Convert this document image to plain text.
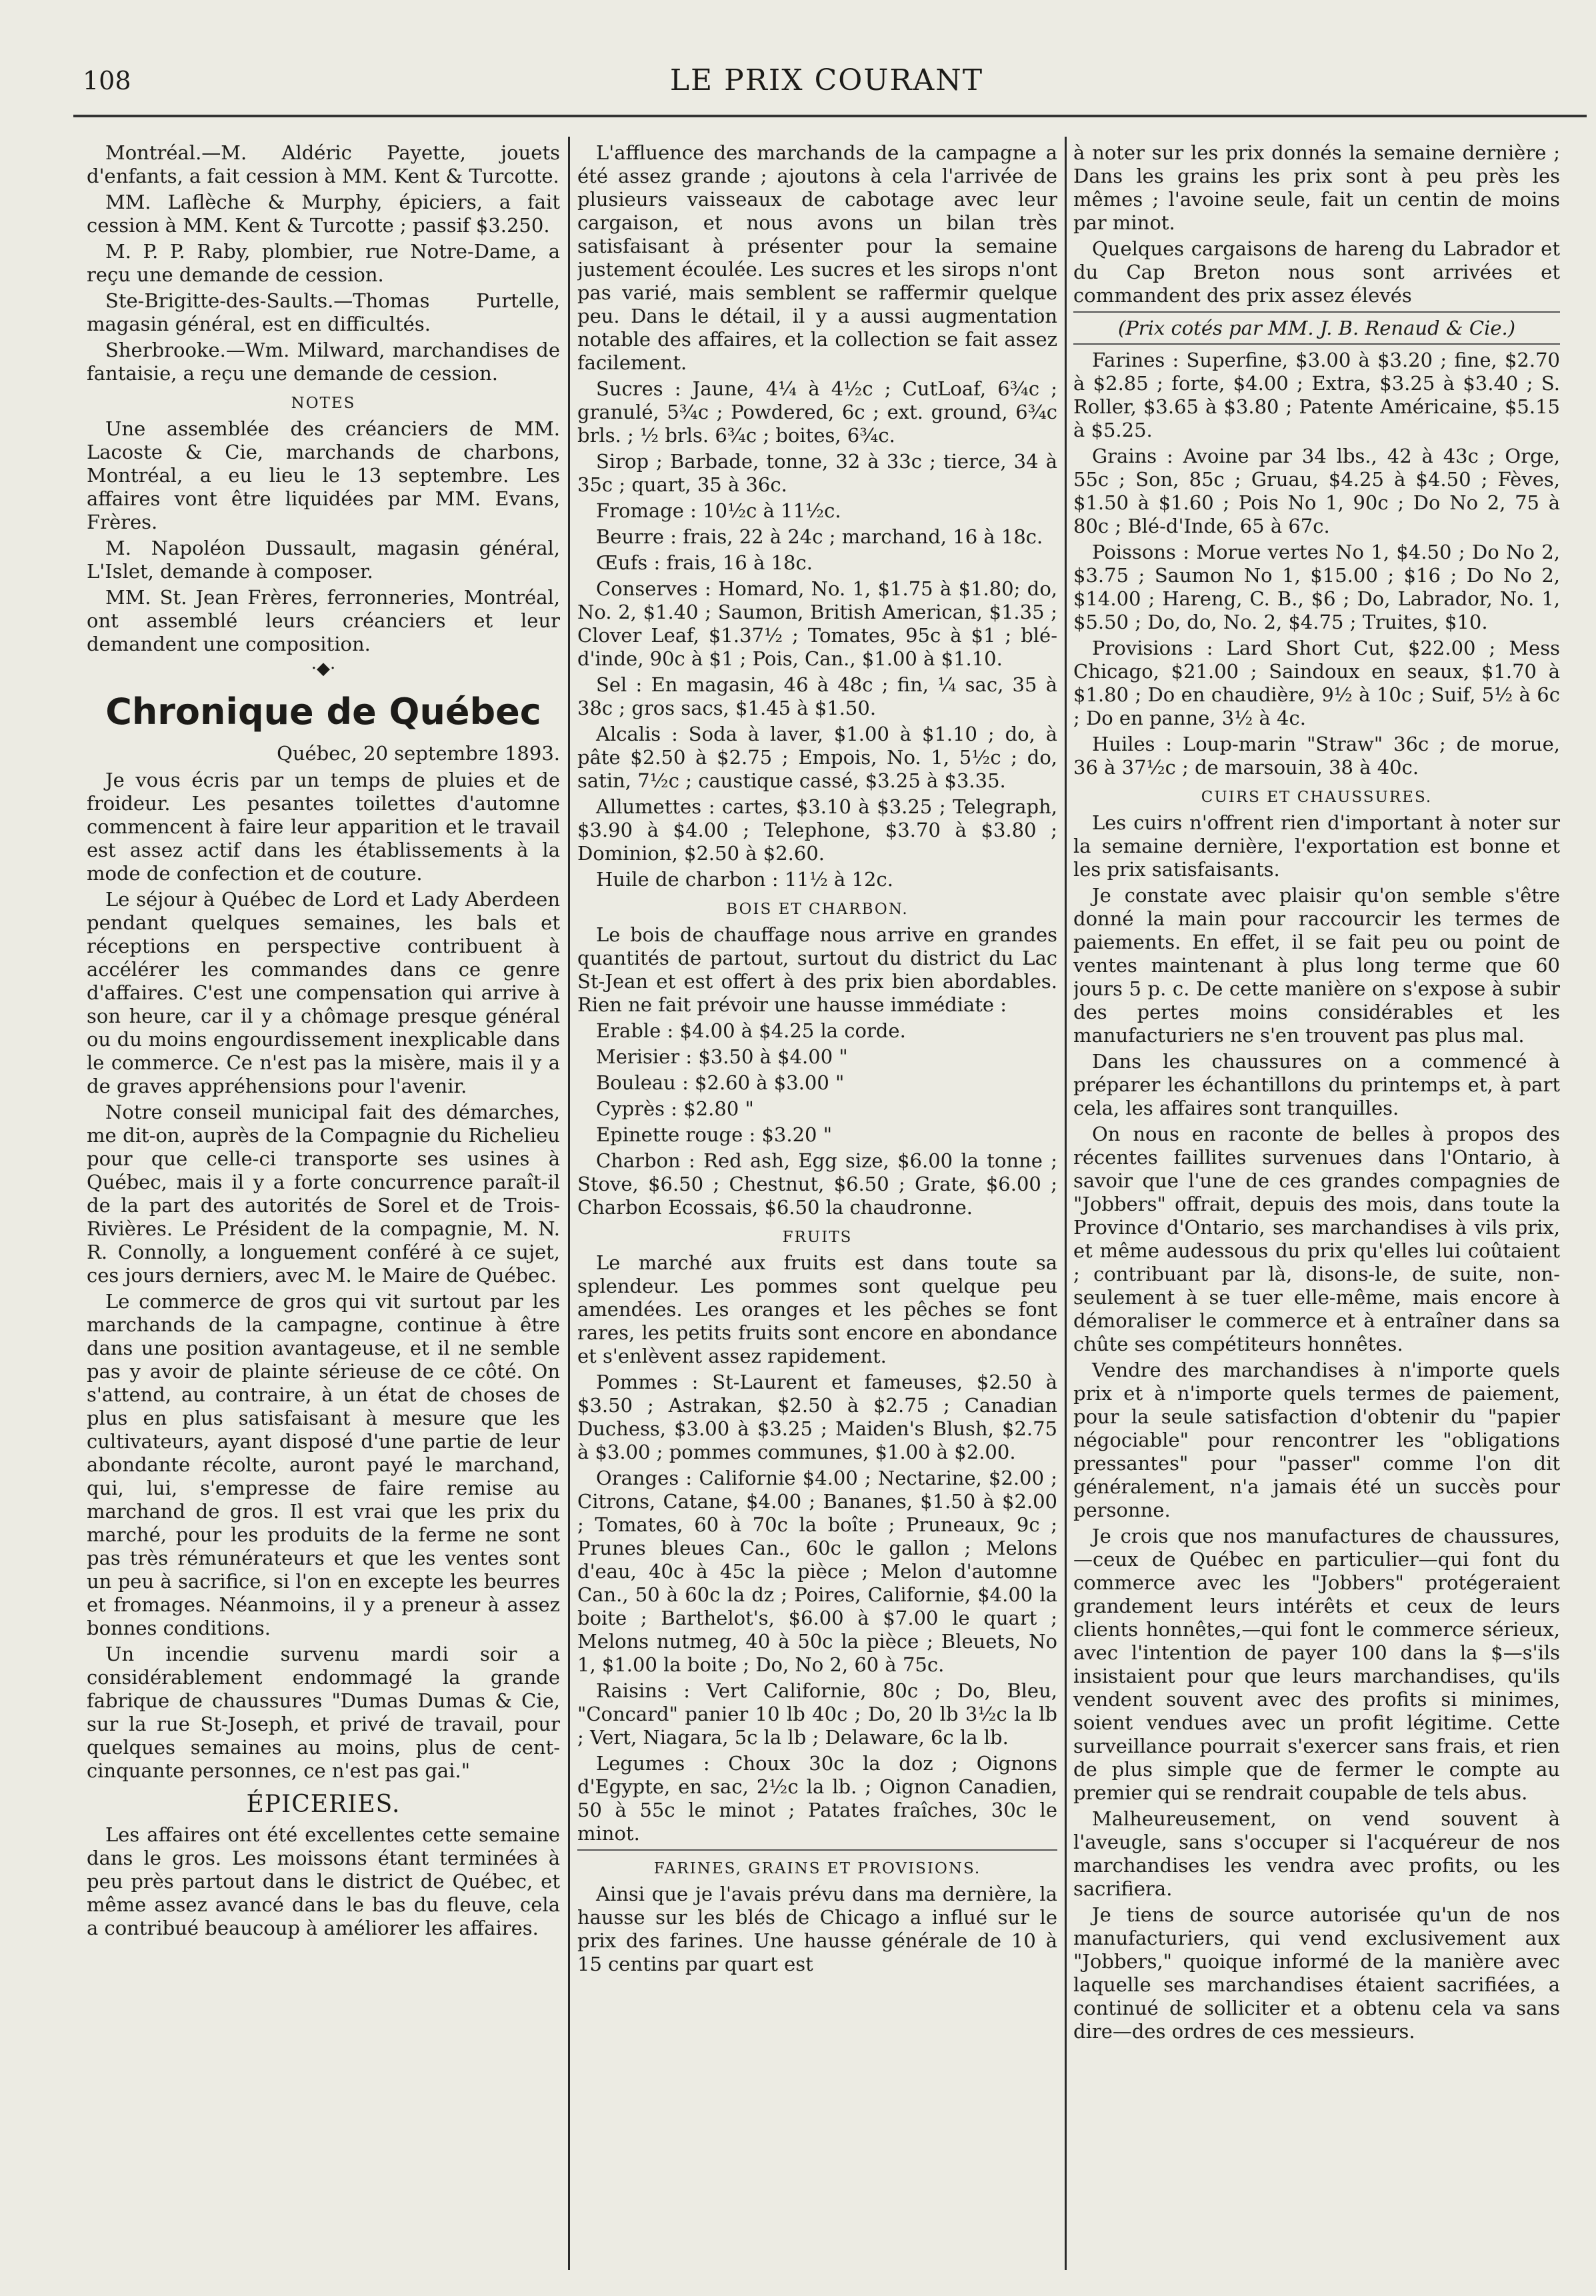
108	LE PRIX COURANT

Montréal.—M. Aldéric Payette, jouets d'enfants, a fait cession à MM. Kent & Turcotte.

MM. Laflèche & Murphy, épiciers, a fait cession à MM. Kent & Turcotte ; passif $3.250.

M. P. P. Raby, plombier, rue Notre-Dame, a reçu une demande de cession.

Ste-Brigitte-des-Saults.—Thomas Purtelle, magasin général, est en difficultés.

Sherbrooke.—Wm. Milward, marchandises de fantaisie, a reçu une demande de cession.

NOTES

Une assemblée des créanciers de MM. Lacoste & Cie, marchands de charbons, Montréal, a eu lieu le 13 septembre. Les affaires vont être liquidées par MM. Evans, Frères.

M. Napoléon Dussault, magasin général, L'Islet, demande à composer.

MM. St. Jean Frères, ferronneries, Montréal, ont assemblé leurs créanciers et leur demandent une composition.

·◆·
Chronique de Québec
Québec, 20 septembre 1893.

Je vous écris par un temps de pluies et de froideur. Les pesantes toilettes d'automne commencent à faire leur apparition et le travail est assez actif dans les établissements à la mode de confection et de couture.

Le séjour à Québec de Lord et Lady Aberdeen pendant quelques semaines, les bals et réceptions en perspective contribuent à accélérer les commandes dans ce genre d'affaires. C'est une compensation qui arrive à son heure, car il y a chômage presque général ou du moins engourdissement inexplicable dans le commerce. Ce n'est pas la misère, mais il y a de graves appréhensions pour l'avenir.

Notre conseil municipal fait des démarches, me dit-on, auprès de la Compagnie du Richelieu pour que celle-ci transporte ses usines à Québec, mais il y a forte concurrence paraît-il de la part des autorités de Sorel et de Trois-Rivières. Le Président de la compagnie, M. N. R. Connolly, a longuement conféré à ce sujet, ces jours derniers, avec M. le Maire de Québec.

Le commerce de gros qui vit surtout par les marchands de la campagne, continue à être dans une position avantageuse, et il ne semble pas y avoir de plainte sérieuse de ce côté. On s'attend, au contraire, à un état de choses de plus en plus satisfaisant à mesure que les cultivateurs, ayant disposé d'une partie de leur abondante récolte, auront payé le marchand, qui, lui, s'empresse de faire remise au marchand de gros. Il est vrai que les prix du marché, pour les produits de la ferme ne sont pas très rémunérateurs et que les ventes sont un peu à sacrifice, si l'on en excepte les beurres et fromages. Néanmoins, il y a preneur à assez bonnes conditions.

Un incendie survenu mardi soir a considérablement endommagé la grande fabrique de chaussures "Dumas Dumas & Cie, sur la rue St-Joseph, et privé de travail, pour quelques semaines au moins, plus de cent-cinquante personnes, ce n'est pas gai."

ÉPICERIES.

Les affaires ont été excellentes cette semaine dans le gros. Les moissons étant terminées à peu près partout dans le district de Québec, et même assez avancé dans le bas du fleuve, cela a contribué beaucoup à améliorer les affaires.

L'affluence des marchands de la campagne a été assez grande ; ajoutons à cela l'arrivée de plusieurs vaisseaux de cabotage avec leur cargaison, et nous avons un bilan très satisfaisant à présenter pour la semaine justement écoulée. Les sucres et les sirops n'ont pas varié, mais semblent se raffermir quelque peu. Dans le détail, il y a aussi augmentation notable des affaires, et la collection se fait assez facilement.

Sucres : Jaune, 4¼ à 4½c ; CutLoaf, 6¾c ; granulé, 5¾c ; Powdered, 6c ; ext. ground, 6¾c brls. ; ½ brls. 6¾c ; boites, 6¾c.

Sirop ; Barbade, tonne, 32 à 33c ; tierce, 34 à 35c ; quart, 35 à 36c.

Fromage : 10½c à 11½c.

Beurre : frais, 22 à 24c ; marchand, 16 à 18c.

Œufs : frais, 16 à 18c.

Conserves : Homard, No. 1, $1.75 à $1.80; do, No. 2, $1.40 ; Saumon, British American, $1.35 ; Clover Leaf, $1.37½ ; Tomates, 95c à $1 ; blé-d'inde, 90c à $1 ; Pois, Can., $1.00 à $1.10.

Sel : En magasin, 46 à 48c ; fin, ¼ sac, 35 à 38c ; gros sacs, $1.45 à $1.50.

Alcalis : Soda à laver, $1.00 à $1.10 ; do, à pâte $2.50 à $2.75 ; Empois, No. 1, 5½c ; do, satin, 7½c ; caustique cassé, $3.25 à $3.35.

Allumettes : cartes, $3.10 à $3.25 ; Telegraph, $3.90 à $4.00 ; Telephone, $3.70 à $3.80 ; Dominion, $2.50 à $2.60.

Huile de charbon : 11½ à 12c.

BOIS ET CHARBON.

Le bois de chauffage nous arrive en grandes quantités de partout, surtout du district du Lac St-Jean et est offert à des prix bien abordables. Rien ne fait prévoir une hausse immédiate :

Erable : $4.00 à $4.25 la corde.

Merisier : $3.50 à $4.00 "

Bouleau : $2.60 à $3.00 "

Cyprès : $2.80 "

Epinette rouge : $3.20 "

Charbon : Red ash, Egg size, $6.00 la tonne ; Stove, $6.50 ; Chestnut, $6.50 ; Grate, $6.00 ; Charbon Ecossais, $6.50 la chaudronne.

FRUITS

Le marché aux fruits est dans toute sa splendeur. Les pommes sont quelque peu amendées. Les oranges et les pêches se font rares, les petits fruits sont encore en abondance et s'enlèvent assez rapidement.

Pommes : St-Laurent et fameuses, $2.50 à $3.50 ; Astrakan, $2.50 à $2.75 ; Canadian Duchess, $3.00 à $3.25 ; Maiden's Blush, $2.75 à $3.00 ; pommes communes, $1.00 à $2.00.

Oranges : Californie $4.00 ; Nectarine, $2.00 ; Citrons, Catane, $4.00 ; Bananes, $1.50 à $2.00 ; Tomates, 60 à 70c la boîte ; Pruneaux, 9c ; Prunes bleues Can., 60c le gallon ; Melons d'eau, 40c à 45c la pièce ; Melon d'automne Can., 50 à 60c la dz ; Poires, Californie, $4.00 la boite ; Barthelot's, $6.00 à $7.00 le quart ; Melons nutmeg, 40 à 50c la pièce ; Bleuets, No 1, $1.00 la boite ; Do, No 2, 60 à 75c.

Raisins : Vert Californie, 80c ; Do, Bleu, "Concard" panier 10 lb 40c ; Do, 20 lb 3½c la lb ; Vert, Niagara, 5c la lb ; Delaware, 6c la lb.

Legumes : Choux 30c la doz ; Oignons d'Egypte, en sac, 2½c la lb. ; Oignon Canadien, 50 à 55c le minot ; Patates fraîches, 30c le minot.

FARINES, GRAINS ET PROVISIONS.

Ainsi que je l'avais prévu dans ma dernière, la hausse sur les blés de Chicago a influé sur le prix des farines. Une hausse générale de 10 à 15 centins par quart est

à noter sur les prix donnés la semaine dernière ; Dans les grains les prix sont à peu près les mêmes ; l'avoine seule, fait un centin de moins par minot.

Quelques cargaisons de hareng du Labrador et du Cap Breton nous sont arrivées et commandent des prix assez élevés

(Prix cotés par MM. J. B. Renaud & Cie.)

Farines : Superfine, $3.00 à $3.20 ; fine, $2.70 à $2.85 ; forte, $4.00 ; Extra, $3.25 à $3.40 ; S. Roller, $3.65 à $3.80 ; Patente Américaine, $5.15 à $5.25.

Grains : Avoine par 34 lbs., 42 à 43c ; Orge, 55c ; Son, 85c ; Gruau, $4.25 à $4.50 ; Fèves, $1.50 à $1.60 ; Pois No 1, 90c ; Do No 2, 75 à 80c ; Blé-d'Inde, 65 à 67c.

Poissons : Morue vertes No 1, $4.50 ; Do No 2, $3.75 ; Saumon No 1, $15.00 ; $16 ; Do No 2, $14.00 ; Hareng, C. B., $6 ; Do, Labrador, No. 1, $5.50 ; Do, do, No. 2, $4.75 ; Truites, $10.

Provisions : Lard Short Cut, $22.00 ; Mess Chicago, $21.00 ; Saindoux en seaux, $1.70 à $1.80 ; Do en chaudière, 9½ à 10c ; Suif, 5½ à 6c ; Do en panne, 3½ à 4c.

Huiles : Loup-marin "Straw" 36c ; de morue, 36 à 37½c ; de marsouin, 38 à 40c.

CUIRS ET CHAUSSURES.

Les cuirs n'offrent rien d'important à noter sur la semaine dernière, l'exportation est bonne et les prix satisfaisants.

Je constate avec plaisir qu'on semble s'être donné la main pour raccourcir les termes de paiements. En effet, il se fait peu ou point de ventes maintenant à plus long terme que 60 jours 5 p. c. De cette manière on s'expose à subir des pertes moins considérables et les manufacturiers ne s'en trouvent pas plus mal.

Dans les chaussures on a commencé à préparer les échantillons du printemps et, à part cela, les affaires sont tranquilles.

On nous en raconte de belles à propos des récentes faillites survenues dans l'Ontario, à savoir que l'une de ces grandes compagnies de "Jobbers" offrait, depuis des mois, dans toute la Province d'Ontario, ses marchandises à vils prix, et même audessous du prix qu'elles lui coûtaient ; contribuant par là, disons-le, de suite, non-seulement à se tuer elle-même, mais encore à démoraliser le commerce et à entraîner dans sa chûte ses compétiteurs honnêtes.

Vendre des marchandises à n'importe quels prix et à n'importe quels termes de paiement, pour la seule satisfaction d'obtenir du "papier négociable" pour rencontrer les "obligations pressantes" pour "passer" comme l'on dit généralement, n'a jamais été un succès pour personne.

Je crois que nos manufactures de chaussures,—ceux de Québec en particulier—qui font du commerce avec les "Jobbers" protégeraient grandement leurs intérêts et ceux de leurs clients honnêtes,—qui font le commerce sérieux, avec l'intention de payer 100 dans la $—s'ils insistaient pour que leurs marchandises, qu'ils vendent souvent avec des profits si minimes, soient vendues avec un profit légitime. Cette surveillance pourrait s'exercer sans frais, et rien de plus simple que de fermer le compte au premier qui se rendrait coupable de tels abus.

Malheureusement, on vend souvent à l'aveugle, sans s'occuper si l'acquéreur de nos marchandises les vendra avec profits, ou les sacrifiera.

Je tiens de source autorisée qu'un de nos manufacturiers, qui vend exclusivement aux "Jobbers," quoique informé de la manière avec laquelle ses marchandises étaient sacrifiées, a continué de solliciter et a obtenu cela va sans dire—des ordres de ces messieurs.
